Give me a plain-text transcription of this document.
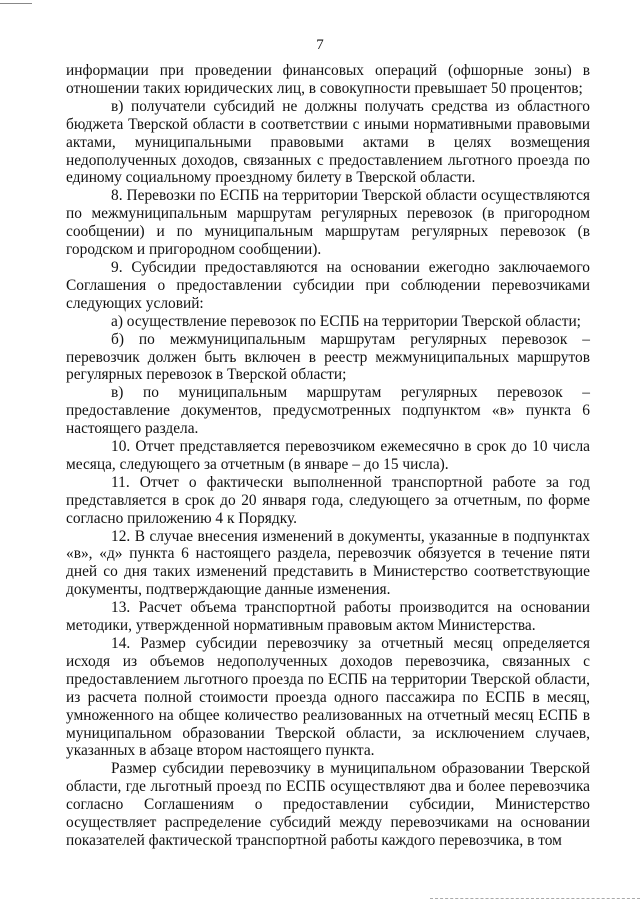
7

информации при проведении финансовых операций (офшорные зоны) в отношении таких юридических лиц, в совокупности превышает 50 процентов;

в) получатели субсидий не должны получать средства из областного бюджета Тверской области в соответствии с иными нормативными правовыми актами, муниципальными правовыми актами в целях возмещения недополученных доходов, связанных с предоставлением льготного проезда по единому социальному проездному билету в Тверской области.

8. Перевозки по ЕСПБ на территории Тверской области осуществляются по межмуниципальным маршрутам регулярных перевозок (в пригородном сообщении) и по муниципальным маршрутам регулярных перевозок (в городском и пригородном сообщении).

9. Субсидии предоставляются на основании ежегодно заключаемого Соглашения о предоставлении субсидии при соблюдении перевозчиками следующих условий:

а) осуществление перевозок по ЕСПБ на территории Тверской области;

б) по межмуниципальным маршрутам регулярных перевозок – перевозчик должен быть включен в реестр межмуниципальных маршрутов регулярных перевозок в Тверской области;

в) по муниципальным маршрутам регулярных перевозок – предоставление документов, предусмотренных подпунктом «в» пункта 6 настоящего раздела.

10. Отчет представляется перевозчиком ежемесячно в срок до 10 числа месяца, следующего за отчетным (в январе – до 15 числа).

11. Отчет о фактически выполненной транспортной работе за год представляется в срок до 20 января года, следующего за отчетным, по форме согласно приложению 4 к Порядку.

12. В случае внесения изменений в документы, указанные в подпунктах «в», «д» пункта 6 настоящего раздела, перевозчик обязуется в течение пяти дней со дня таких изменений представить в Министерство соответствующие документы, подтверждающие данные изменения.

13. Расчет объема транспортной работы производится на основании методики, утвержденной нормативным правовым актом Министерства.

14. Размер субсидии перевозчику за отчетный месяц определяется исходя из объемов недополученных доходов перевозчика, связанных с предоставлением льготного проезда по ЕСПБ на территории Тверской области, из расчета полной стоимости проезда одного пассажира по ЕСПБ в месяц, умноженного на общее количество реализованных на отчетный месяц ЕСПБ в муниципальном образовании Тверской области, за исключением случаев, указанных в абзаце втором настоящего пункта.

Размер субсидии перевозчику в муниципальном образовании Тверской области, где льготный проезд по ЕСПБ осуществляют два и более перевозчика согласно Соглашениям о предоставлении субсидии, Министерство осуществляет распределение субсидий между перевозчиками на основании показателей фактической транспортной работы каждого перевозчика, в том
